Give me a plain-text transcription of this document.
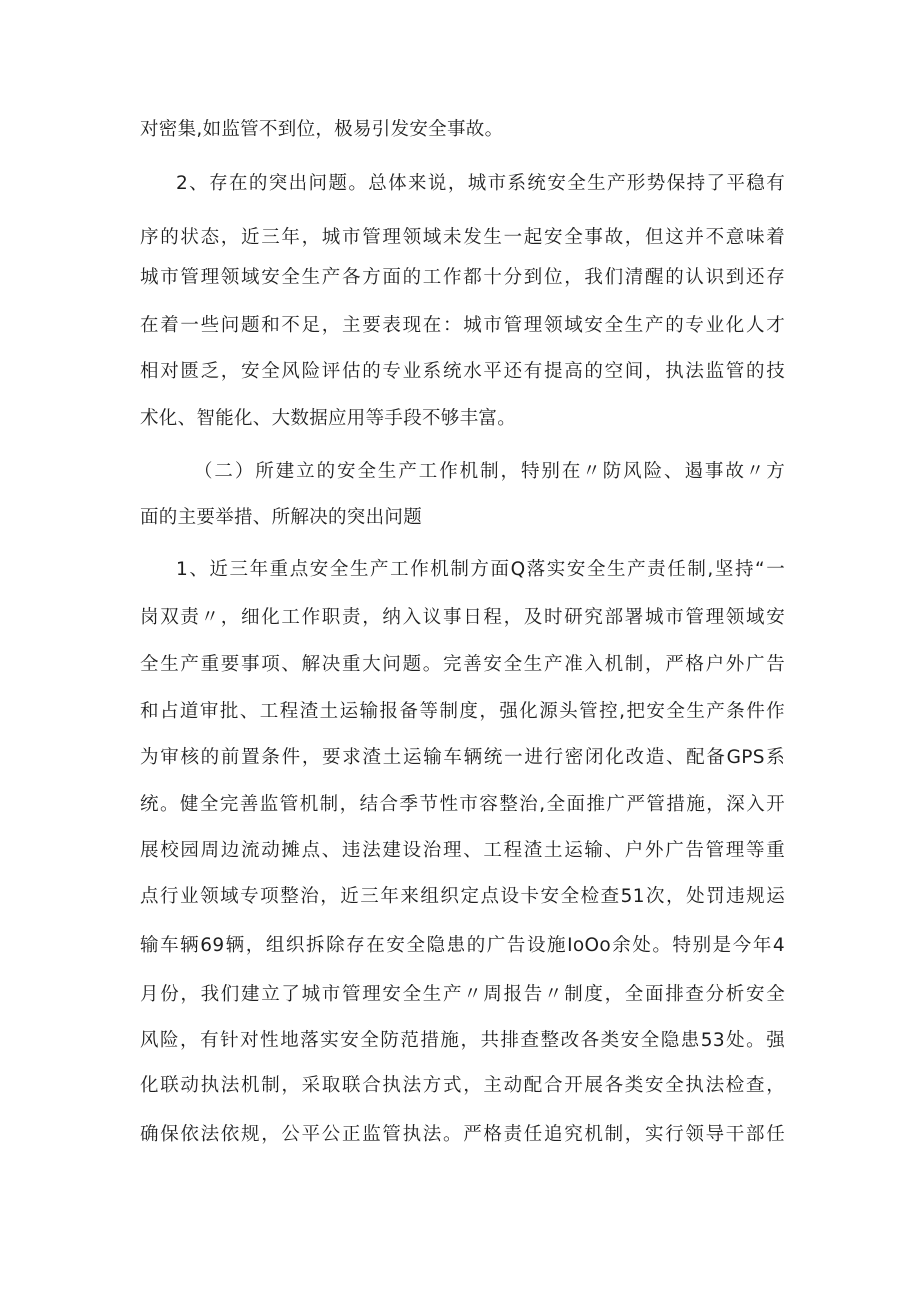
对密集,如监管不到位，极易引发安全事故。
2、存在的突出问题。总体来说，城市系统安全生产形势保持了平稳有
序的状态，近三年，城市管理领域未发生一起安全事故，但这并不意味着
城市管理领域安全生产各方面的工作都十分到位，我们清醒的认识到还存
在着一些问题和不足，主要表现在：城市管理领域安全生产的专业化人才
相对匮乏，安全风险评估的专业系统水平还有提高的空间，执法监管的技
术化、智能化、大数据应用等手段不够丰富。
（二）所建立的安全生产工作机制，特别在〃防风险、遏事故〃方
面的主要举措、所解决的突出问题
1、近三年重点安全生产工作机制方面Q落实安全生产责任制,坚持“一
岗双责〃，细化工作职责，纳入议事日程，及时研究部署城市管理领域安
全生产重要事项、解决重大问题。完善安全生产准入机制，严格户外广告
和占道审批、工程渣土运输报备等制度，强化源头管控,把安全生产条件作
为审核的前置条件，要求渣土运输车辆统一进行密闭化改造、配备GPS系
统。健全完善监管机制，结合季节性市容整治,全面推广严管措施，深入开
展校园周边流动摊点、违法建设治理、工程渣土运输、户外广告管理等重
点行业领域专项整治，近三年来组织定点设卡安全检查51次，处罚违规运
输车辆69辆，组织拆除存在安全隐患的广告设施IoOo余处。特别是今年4
月份，我们建立了城市管理安全生产〃周报告〃制度，全面排查分析安全
风险，有针对性地落实安全防范措施，共排查整改各类安全隐患53处。强
化联动执法机制，采取联合执法方式，主动配合开展各类安全执法检查，
确保依法依规，公平公正监管执法。严格责任追究机制，实行领导干部任
